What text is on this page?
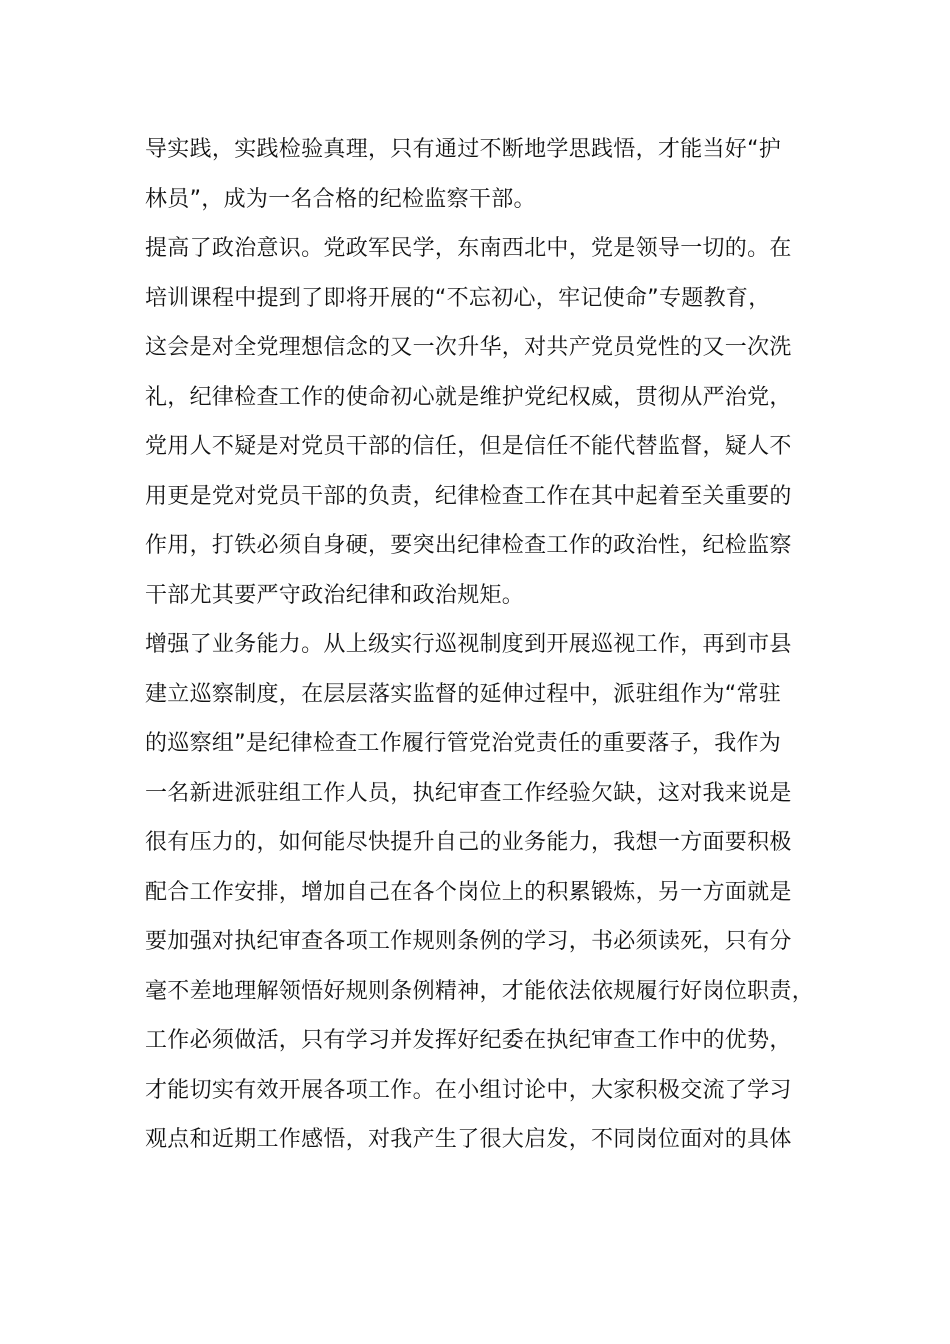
导实践，实践检验真理，只有通过不断地学思践悟，才能当好“护
林员”，成为一名合格的纪检监察干部。
提高了政治意识。党政军民学，东南西北中，党是领导一切的。在
培训课程中提到了即将开展的“不忘初心，牢记使命”专题教育，
这会是对全党理想信念的又一次升华，对共产党员党性的又一次洗
礼，纪律检查工作的使命初心就是维护党纪权威，贯彻从严治党，
党用人不疑是对党员干部的信任，但是信任不能代替监督，疑人不
用更是党对党员干部的负责，纪律检查工作在其中起着至关重要的
作用，打铁必须自身硬，要突出纪律检查工作的政治性，纪检监察
干部尤其要严守政治纪律和政治规矩。
增强了业务能力。从上级实行巡视制度到开展巡视工作，再到市县
建立巡察制度，在层层落实监督的延伸过程中，派驻组作为“常驻
的巡察组”是纪律检查工作履行管党治党责任的重要落子，我作为
一名新进派驻组工作人员，执纪审查工作经验欠缺，这对我来说是
很有压力的，如何能尽快提升自己的业务能力，我想一方面要积极
配合工作安排，增加自己在各个岗位上的积累锻炼，另一方面就是
要加强对执纪审查各项工作规则条例的学习，书必须读死，只有分
毫不差地理解领悟好规则条例精神，才能依法依规履行好岗位职责，
工作必须做活，只有学习并发挥好纪委在执纪审查工作中的优势，
才能切实有效开展各项工作。在小组讨论中，大家积极交流了学习
观点和近期工作感悟，对我产生了很大启发，不同岗位面对的具体
